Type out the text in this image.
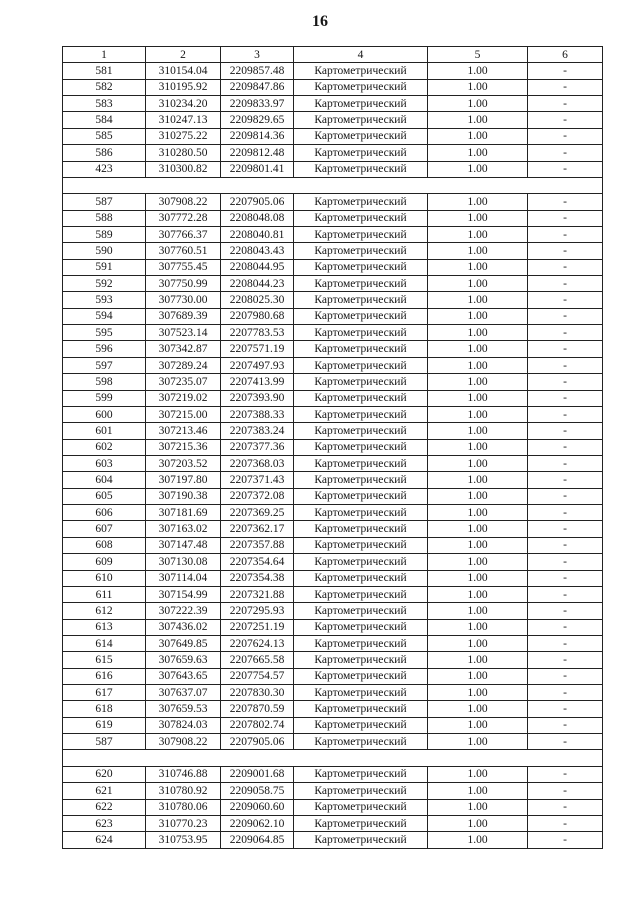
16
1	2	3	4	5	6
581	310154.04	2209857.48	Картометрический	1.00	-
582	310195.92	2209847.86	Картометрический	1.00	-
583	310234.20	2209833.97	Картометрический	1.00	-
584	310247.13	2209829.65	Картометрический	1.00	-
585	310275.22	2209814.36	Картометрический	1.00	-
586	310280.50	2209812.48	Картометрический	1.00	-
423	310300.82	2209801.41	Картометрический	1.00	-

587	307908.22	2207905.06	Картометрический	1.00	-
588	307772.28	2208048.08	Картометрический	1.00	-
589	307766.37	2208040.81	Картометрический	1.00	-
590	307760.51	2208043.43	Картометрический	1.00	-
591	307755.45	2208044.95	Картометрический	1.00	-
592	307750.99	2208044.23	Картометрический	1.00	-
593	307730.00	2208025.30	Картометрический	1.00	-
594	307689.39	2207980.68	Картометрический	1.00	-
595	307523.14	2207783.53	Картометрический	1.00	-
596	307342.87	2207571.19	Картометрический	1.00	-
597	307289.24	2207497.93	Картометрический	1.00	-
598	307235.07	2207413.99	Картометрический	1.00	-
599	307219.02	2207393.90	Картометрический	1.00	-
600	307215.00	2207388.33	Картометрический	1.00	-
601	307213.46	2207383.24	Картометрический	1.00	-
602	307215.36	2207377.36	Картометрический	1.00	-
603	307203.52	2207368.03	Картометрический	1.00	-
604	307197.80	2207371.43	Картометрический	1.00	-
605	307190.38	2207372.08	Картометрический	1.00	-
606	307181.69	2207369.25	Картометрический	1.00	-
607	307163.02	2207362.17	Картометрический	1.00	-
608	307147.48	2207357.88	Картометрический	1.00	-
609	307130.08	2207354.64	Картометрический	1.00	-
610	307114.04	2207354.38	Картометрический	1.00	-
611	307154.99	2207321.88	Картометрический	1.00	-
612	307222.39	2207295.93	Картометрический	1.00	-
613	307436.02	2207251.19	Картометрический	1.00	-
614	307649.85	2207624.13	Картометрический	1.00	-
615	307659.63	2207665.58	Картометрический	1.00	-
616	307643.65	2207754.57	Картометрический	1.00	-
617	307637.07	2207830.30	Картометрический	1.00	-
618	307659.53	2207870.59	Картометрический	1.00	-
619	307824.03	2207802.74	Картометрический	1.00	-
587	307908.22	2207905.06	Картометрический	1.00	-

620	310746.88	2209001.68	Картометрический	1.00	-
621	310780.92	2209058.75	Картометрический	1.00	-
622	310780.06	2209060.60	Картометрический	1.00	-
623	310770.23	2209062.10	Картометрический	1.00	-
624	310753.95	2209064.85	Картометрический	1.00	-
